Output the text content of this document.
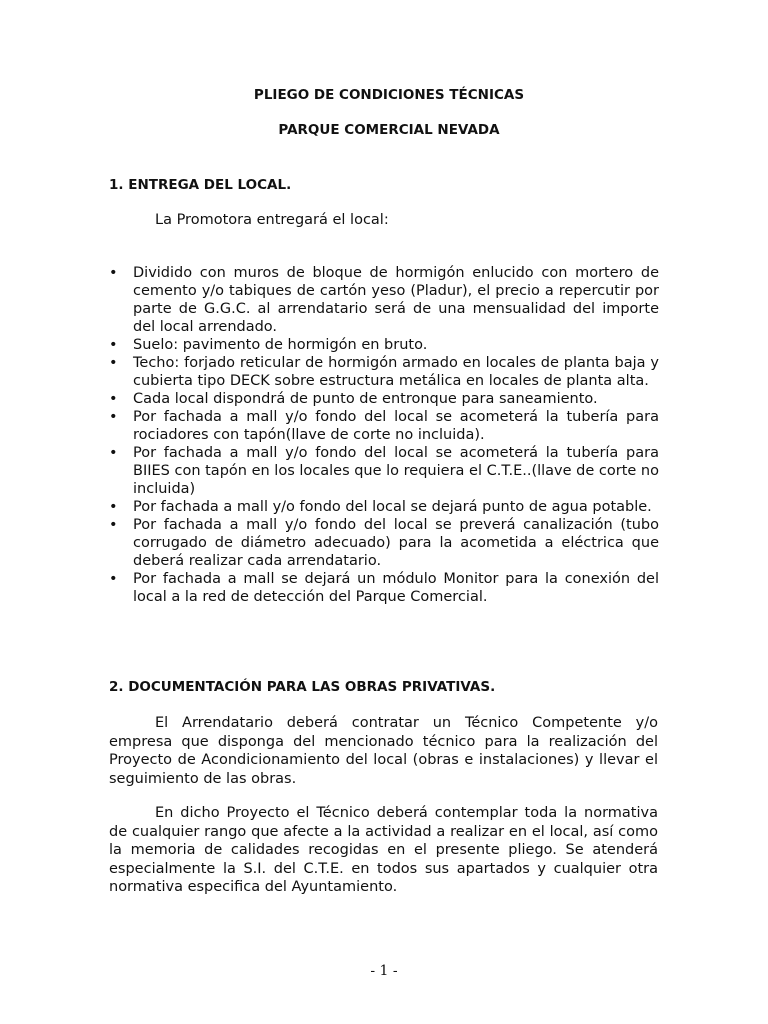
PLIEGO DE CONDICIONES TÉCNICAS
PARQUE COMERCIAL NEVADA
1. ENTREGA DEL LOCAL.
La Promotora entregará el local:
• Dividido con muros de bloque de hormigón enlucido con mortero de cemento y/o tabiques de cartón yeso (Pladur), el precio a repercutir por parte de G.G.C. al arrendatario será de una mensualidad del importe del local arrendado.
• Suelo: pavimento de hormigón en bruto.
• Techo: forjado reticular de hormigón armado en locales de planta baja y cubierta tipo DECK sobre estructura metálica en locales de planta alta.
• Cada local dispondrá de punto de entronque para saneamiento.
• Por fachada a mall y/o fondo del local se acometerá la tubería para rociadores con tapón(llave de corte no incluida).
• Por fachada a mall y/o fondo del local se acometerá la tubería para BIIES con tapón en los locales que lo requiera el C.T.E..(llave de corte no incluida)
• Por fachada a mall y/o fondo del local se dejará punto de agua potable.
• Por fachada a mall y/o fondo del local se preverá canalización (tubo corrugado de diámetro adecuado) para la acometida a eléctrica que deberá realizar cada arrendatario.
• Por fachada a mall se dejará un módulo Monitor para la conexión del local a la red de detección del Parque Comercial.
2. DOCUMENTACIÓN PARA LAS OBRAS PRIVATIVAS.

El Arrendatario deberá contratar un Técnico Competente y/o empresa que disponga del mencionado técnico para la realización del Proyecto de Acondicionamiento del local (obras e instalaciones) y llevar el seguimiento de las obras.

En dicho Proyecto el Técnico deberá contemplar toda la normativa de cualquier rango que afecte a la actividad a realizar en el local, así como la memoria de calidades recogidas en el presente pliego. Se atenderá especialmente la S.I. del C.T.E. en todos sus apartados y cualquier otra normativa especifica del Ayuntamiento.

- 1 -
